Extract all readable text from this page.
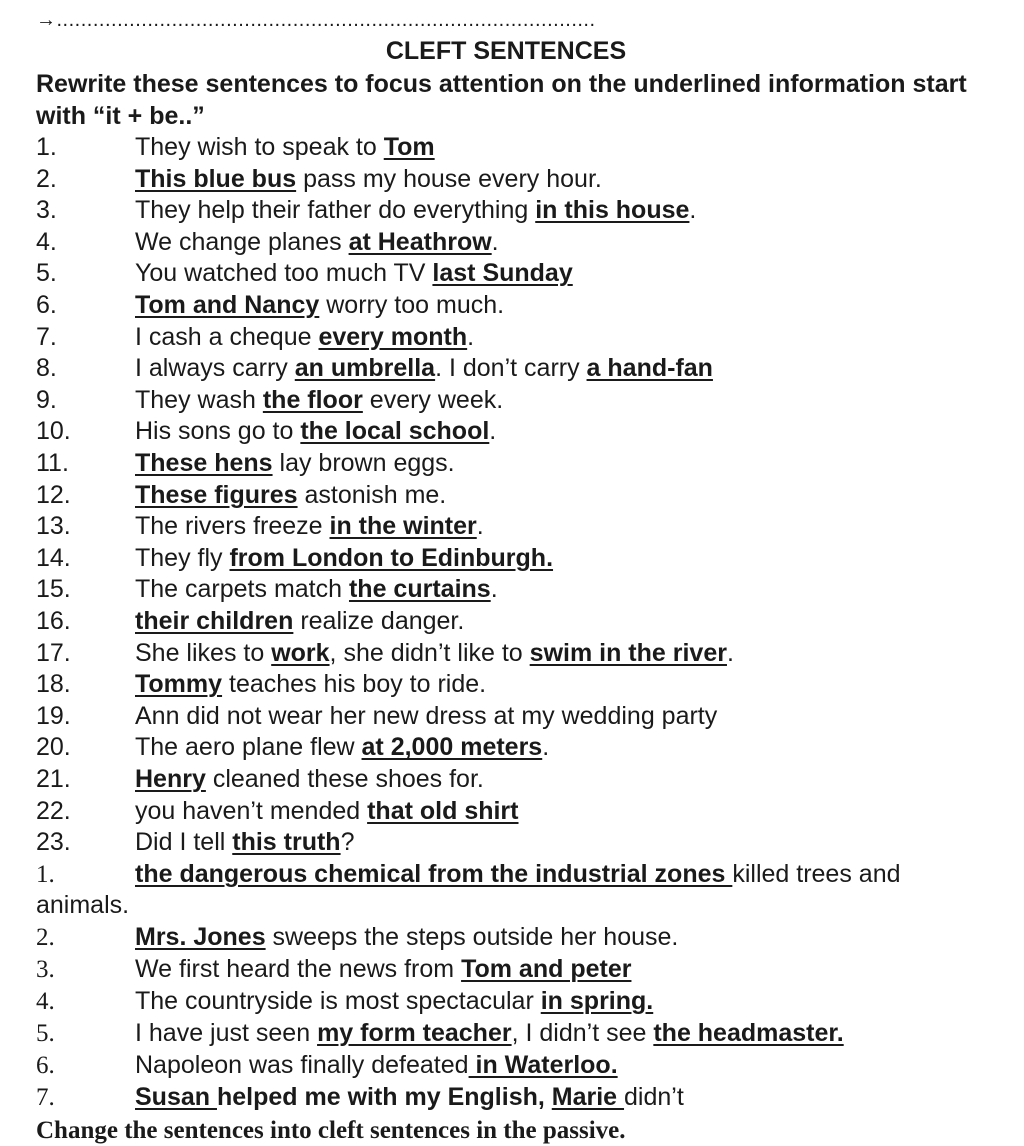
→.........................................................................................
CLEFT SENTENCES
Rewrite these sentences to focus attention on the underlined information start with “it + be..”
1.	They wish to speak to Tom
2.	This blue bus pass my house every hour.
3.	They help their father do everything in this house.
4.	We change planes at Heathrow.
5.	You watched too much TV last Sunday
6.	Tom and Nancy worry too much.
7.	I cash a cheque every month.
8.	I always carry an umbrella. I don’t carry a hand-fan
9.	They wash the floor every week.
10.	His sons go to the local school.
11.	These hens lay brown eggs.
12.	These figures astonish me.
13.	The rivers freeze in the winter.
14.	They fly from London to Edinburgh.
15.	The carpets match the curtains.
16.	their children realize danger.
17.	She likes to work, she didn’t like to swim in the river.
18.	Tommy teaches his boy to ride.
19.	Ann did not wear her new dress at my wedding party
20.	The aero plane flew at 2,000 meters.
21.	Henry cleaned these shoes for.
22.	you haven’t mended that old shirt
23.	Did I tell this truth?
1.	the dangerous chemical from the industrial zones killed trees and
animals.
2.	Mrs. Jones sweeps the steps outside her house.
3.	We first heard the news from Tom and peter
4.	The countryside is most spectacular in spring.
5.	I have just seen my form teacher, I didn’t see the headmaster.
6.	Napoleon was finally defeated in Waterloo.
7.	Susan helped me with my English, Marie didn’t
Change the sentences into cleft sentences in the passive.
